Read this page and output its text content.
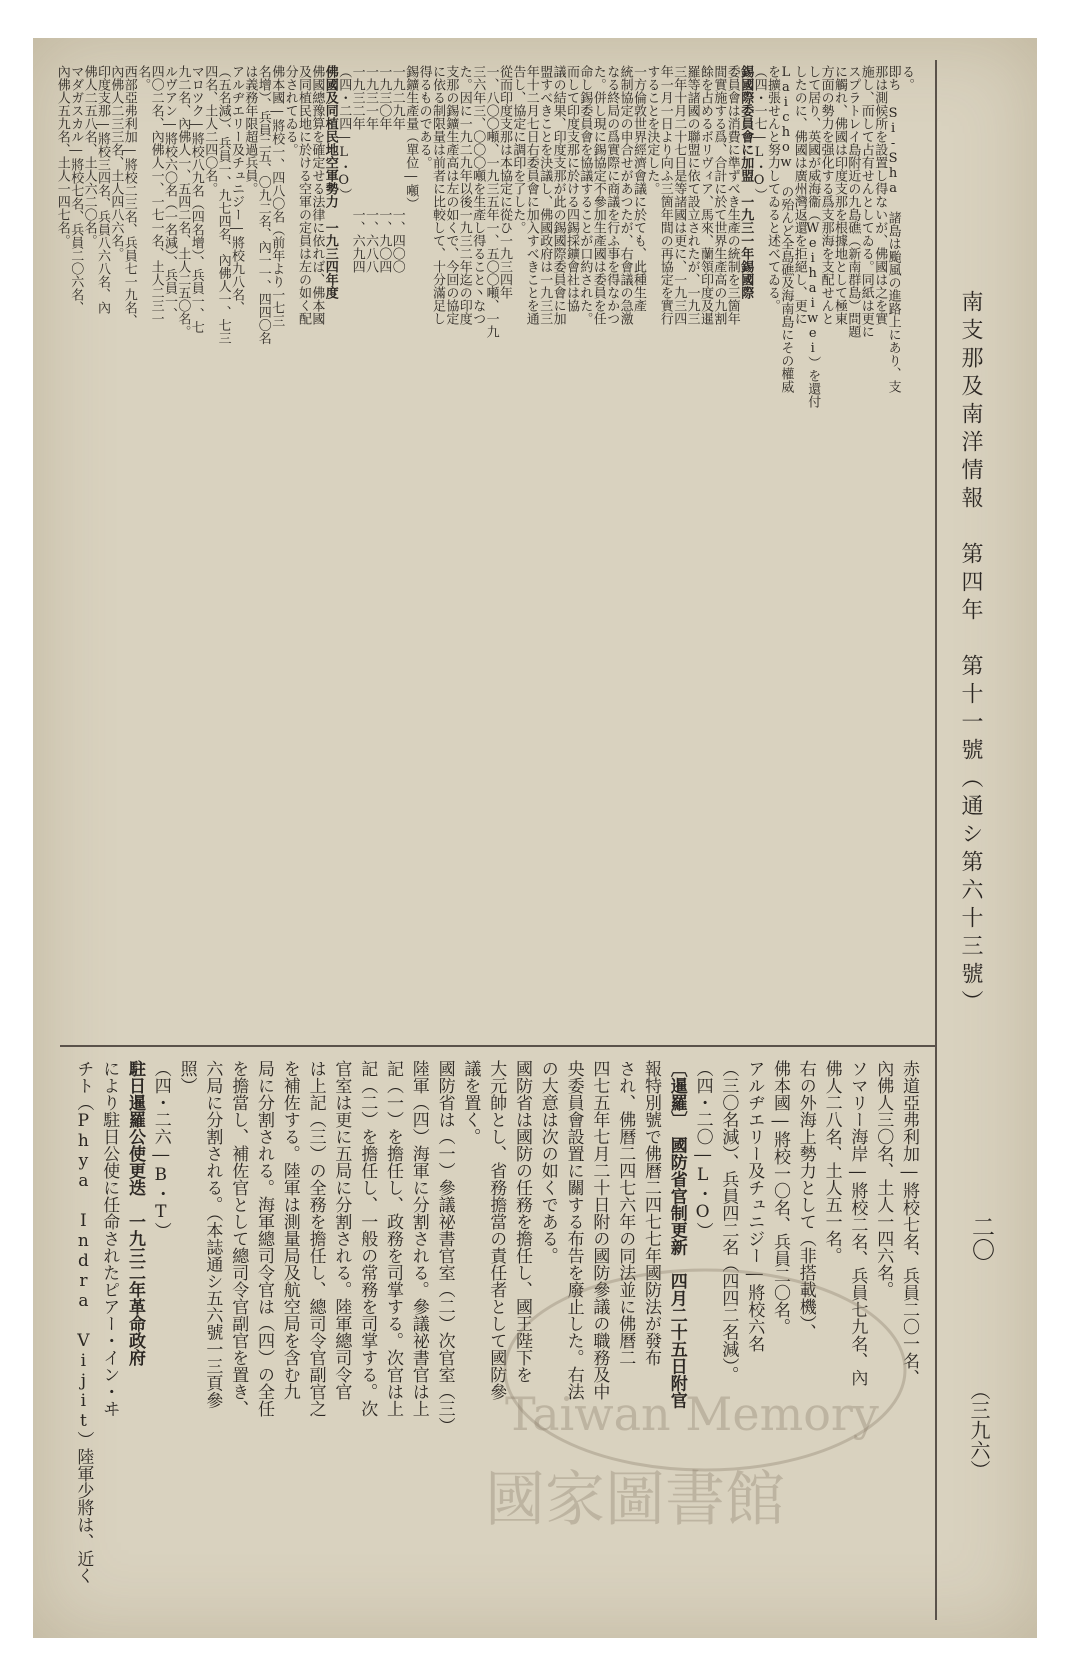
南支那及南洋情報　第四年　第十一號（通シ第六十三號）
二〇
（三九六）
る。
即ち Si-Sha 諸島は颱風の進路上にあり、支
那は測候所を設置し得ないが、佛國は之を實
施し、而して占有せんとしてゐる。同紙は更に
スプラトレイ島附近の九島礁（新南群島）問題
に觸れ、佛國は印度支那を根據地として極東
方面の勢力を强化する爲支那海を支配せんと
して居り、英國が威海衞（Weihaiwei）を還付
したのに、佛國は廣州灣返還を拒絕し、更に
Laichow の殆んど全島礁及海南島にその權威
を擴張せんと努力してゐると述べてゐる。
（四・一七―L・O）
錫國際委員會に加盟　一九三一年錫國際
委員會は消費に準ずべき生產の統制を三箇年
間實施する爲、合計に於て世界生產高の九割
餘を占めるボリヴィア、馬來、蘭領印度及暹
羅等諸國の聯盟に依て設立されたが、一九三
三年十月二十七日是等諸國は更に、一九三四
年一月一日より向ふ三箇年間の再協定を實行
することを決定した。
一方倫敦世界經濟會議に於ても、此種生產
統制協定の申合せがあつたが、右會議の急激
なる終局の爲實際に商議を行ふ事を得なかつ
た。併し現に錫協定不參加生產國は委員を任
命し錫委員會を協議することが口約された。
而して印度支那に於ける四錫採鑛會社は協
議の結果、印度支那が此の錫國際委員會に加
盟すべきことを決議し、佛國政府は一九三三
年十二月七日右委員會に加入すべきことを通
告し、協定に調印を了した。
從而印度支那は本協定に從ひ一九三四年
一、八〇〇噸、一九三五年一、五〇〇噸、一九
三六年三、〇〇〇噸を生產し得ること丶なつ
た。因に一九二九年以後一九三二年迄の印度
支那の錫鑛生產高は左の如くで、今回の協定
に依る制限量は前者に比較して、十分滿足し
得るものである。
錫鑛生產量（單位―噸）
一九二九年　　　　　　一、四〇〇
一九三〇年　　　　　　一、九〇四
一九三一年　　　　　　一、六八八
一九三二年　　　　　　一、六九四
（四・二四―L・O）
佛國及同植民地空軍勢力　一九三四年度
佛國總豫算を確定せる法律に依れば、佛本國
及同植民地に於ける空軍の定員は左の如く配
分されてゐる。
佛本國―將校一、四八〇名（前年より一七三
名增）、兵員二五、〇九二名、內一一、四四〇名
は義務年限超過兵員。
アルヂエリー及チュニジー―將校九八名、
（五名減）、兵員一、九七四名、內佛人一、七三
四名、土人二四〇名。
マロツク―將校八九名（四名增）、兵員一、七
九二名、內佛人一、五四二名、土人二五〇名。
ルヴアン―將校六〇名（一名減）、兵員一、
四〇二名、內佛人一、一七一名、土人二三一
名。
西部亞弗利加―將校二三名、兵員七一九名、
內佛人二三三名、土人四八六名。
印度支那―將校三四名、兵員八六八名、內
佛人二五八名、土人六二〇名。
マダガスカル―將校七名、兵員二〇六名、
內佛人五九名、土人一四七名。
赤道亞弗利加―將校七名、兵員二〇一名、
內佛人三〇名、土人一四六名。
ソマリー海岸―將校二名、兵員七九名、內
佛人二八名、土人五一名。
右の外海上勢力として（非搭載機）、
佛本國―將校一〇名、兵員二〇名。
アルヂエリー及チュニジー―將校六名
（三〇名減）、兵員四二名（四四二名減）。
（四・二〇―L・O）
〔暹羅〕　國防省官制更新　四月二十五日附官
報特別號で佛曆二四七七年國防法が發布
され、佛曆二四七六年の同法並に佛曆二
四七五年七月二十日附の國防參議の職務及中
央委員會設置に關する布告を廢止した。右法
の大意は次の如くである。
國防省は國防の任務を擔任し、國王陛下を
大元帥とし、省務擔當の責任者として國防參
議を置く。
國防省は（一）參議祕書官室（二）次官室（三）
陸軍（四）海軍に分割される。參議祕書官は上
記（一）を擔任し、政務を司掌する。次官は上
記（二）を擔任し、一般の常務を司掌する。次
官室は更に五局に分割される。陸軍總司令官
は上記（三）の全務を擔任し、總司令官副官之
を補佐する。陸軍は測量局及航空局を含む九
局に分割される。海軍總司令官は（四）の全任
を擔當し、補佐官として總司令官副官を置き、
六局に分割される。（本誌通シ五六號一三頁參
照）
（四・二六―B・T）
駐日暹羅公使更迭　一九三二年革命政府
により駐日公使に任命されたピアー・イン・ヰ
チト（Phya Indra Vijit）陸軍少將は、近く	Taiwan Memory
國家圖書館
